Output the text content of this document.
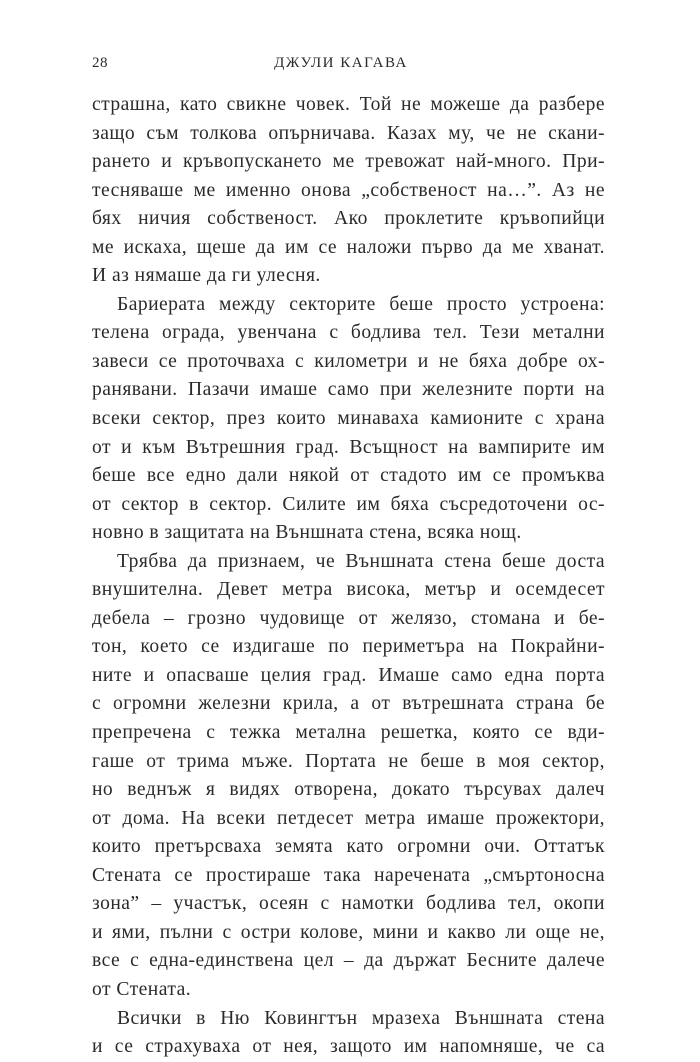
28	ДЖУЛИ КАГАВА
страшна, като свикне човек. Той не можеше да разбере
защо съм толкова опърничава. Казах му, че не скани-
рането и кръвопускането ме тревожат най-много. При-
тесняваше ме именно онова „собственост на…”. Аз не
бях ничия собственост. Ако проклетите кръвопийци
ме искаха, щеше да им се наложи първо да ме хванат.
И аз нямаше да ги улесня.
Бариерата между секторите беше просто устроена:
телена ограда, увенчана с бодлива тел. Тези метални
завеси се проточваха с километри и не бяха добре ох-
ранявани. Пазачи имаше само при железните порти на
всеки сектор, през които минаваха камионите с храна
от и към Вътрешния град. Всъщност на вампирите им
беше все едно дали някой от стадото им се промъква
от сектор в сектор. Силите им бяха съсредоточени ос-
новно в защитата на Външната стена, всяка нощ.
Трябва да признаем, че Външната стена беше доста
внушителна. Девет метра висока, метър и осемдесет
дебела – грозно чудовище от желязо, стомана и бе-
тон, което се издигаше по периметъра на Покрайни-
ните и опасваше целия град. Имаше само една порта
с огромни железни крила, а от вътрешната страна бе
препречена с тежка метална решетка, която се вди-
гаше от трима мъже. Портата не беше в моя сектор,
но веднъж я видях отворена, докато търсувах далеч
от дома. На всеки петдесет метра имаше прожектори,
които претърсваха земята като огромни очи. Оттатък
Стената се простираше така наречената „смъртоносна
зона” – участък, осеян с намотки бодлива тел, окопи
и ями, пълни с остри колове, мини и какво ли още не,
все с една-единствена цел – да държат Бесните далече
от Стената.
Всички в Ню Ковингтън мразеха Външната стена
и се страхуваха от нея, защото им напомняше, че са
